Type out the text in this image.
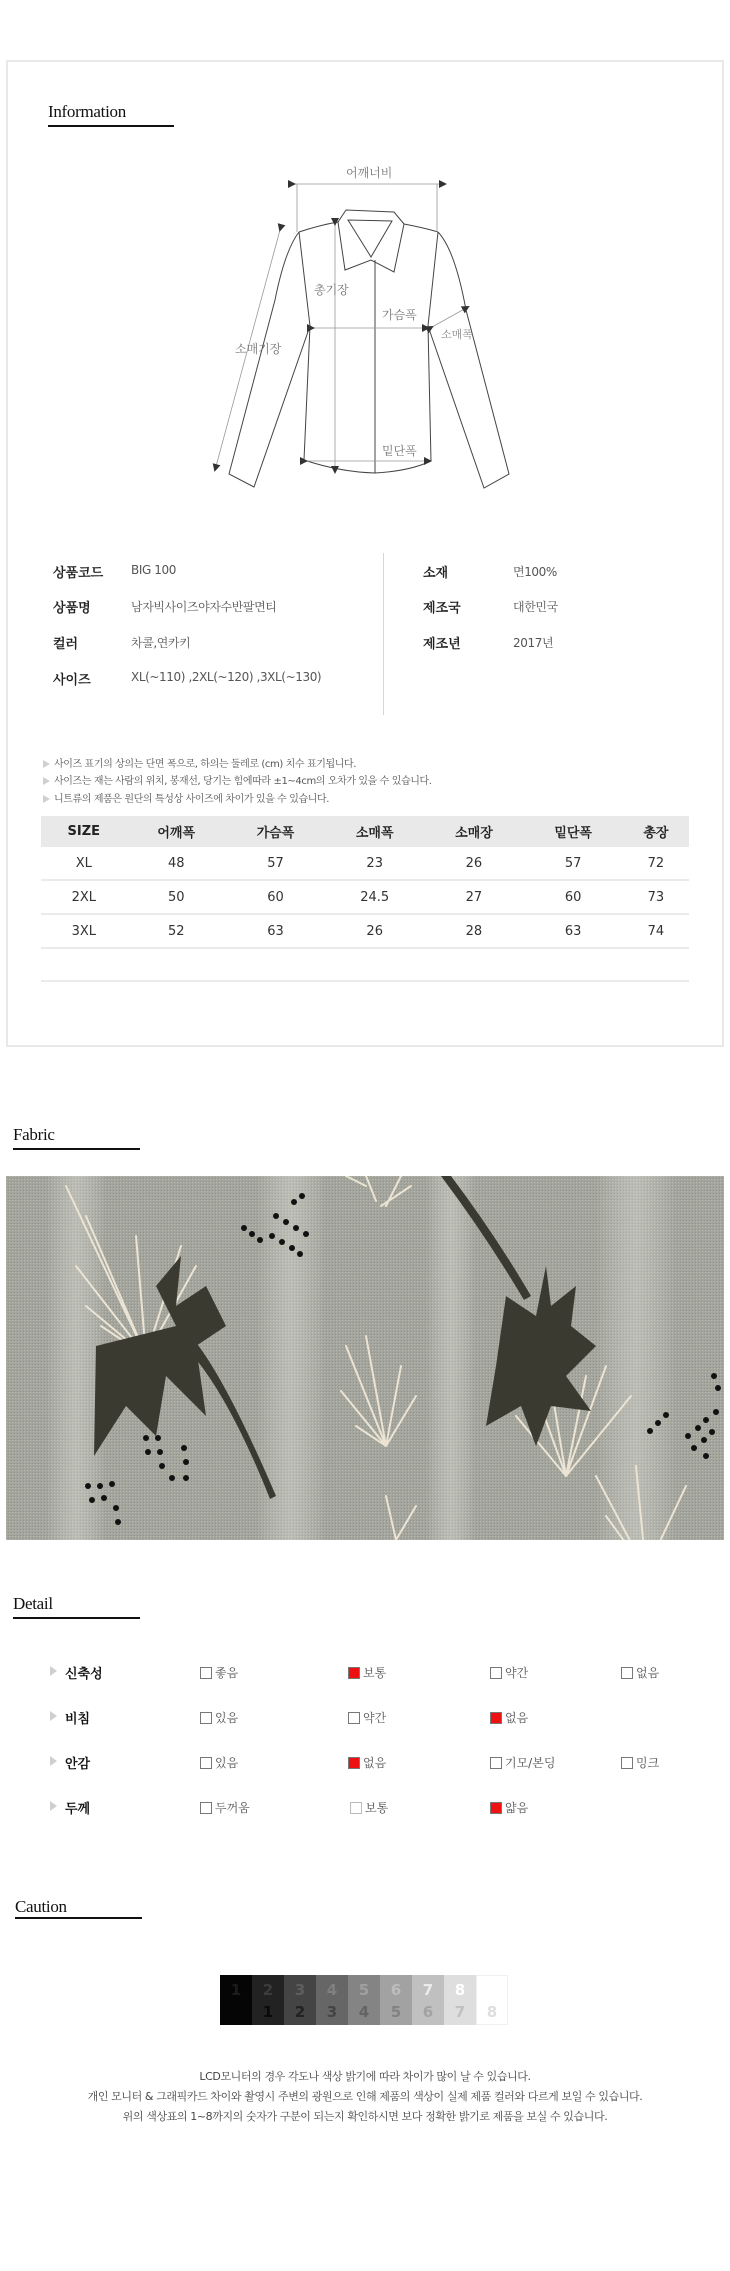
Information
어깨너비
총기장
가슴폭
소매폭
소매기장
밑단폭
상품코드 BIG 100
상품명	남자빅사이즈야자수반팔면티
컬러	차콜,연카키
사이즈	XL(~110) ,2XL(~120) ,3XL(~130)
소재	면100%
제조국	대한민국
제조년	2017년
사이즈 표기의 상의는 단면 폭으로, 하의는 둘레로 (cm) 치수 표기됩니다.
사이즈는 재는 사람의 위치, 봉재선, 당기는 힘에따라 ±1~4cm의 오차가 있을 수 있습니다.
니트류의 제품은 원단의 특성상 사이즈에 차이가 있을 수 있습니다.
SIZE	어깨폭	가슴폭	소매폭	소매장	밑단폭	총장
XL	48	57	23	26	57	72
2XL	50	60	24.5	27	60	73
3XL	52	63	26	28	63	74

Fabric
Detail
신축성	좋음	보통	약간	없음
비침	있음	약간	없음
안감	있음	없음	기모/본딩	밍크
두께	두꺼움	보통	얇음
Caution
1	2
1
3
2
4
3
5
4
6
5
7
6
8
7	8
LCD모니터의 경우 각도나 색상 밝기에 따라 차이가 많이 날 수 있습니다.
개인 모니터 & 그래픽카드 차이와 촬영시 주변의 광원으로 인해 제품의 색상이 실제 제품 컬러와 다르게 보일 수 있습니다.
위의 색상표의 1~8까지의 숫자가 구분이 되는지 확인하시면 보다 정확한 밝기로 제품을 보실 수 있습니다.
